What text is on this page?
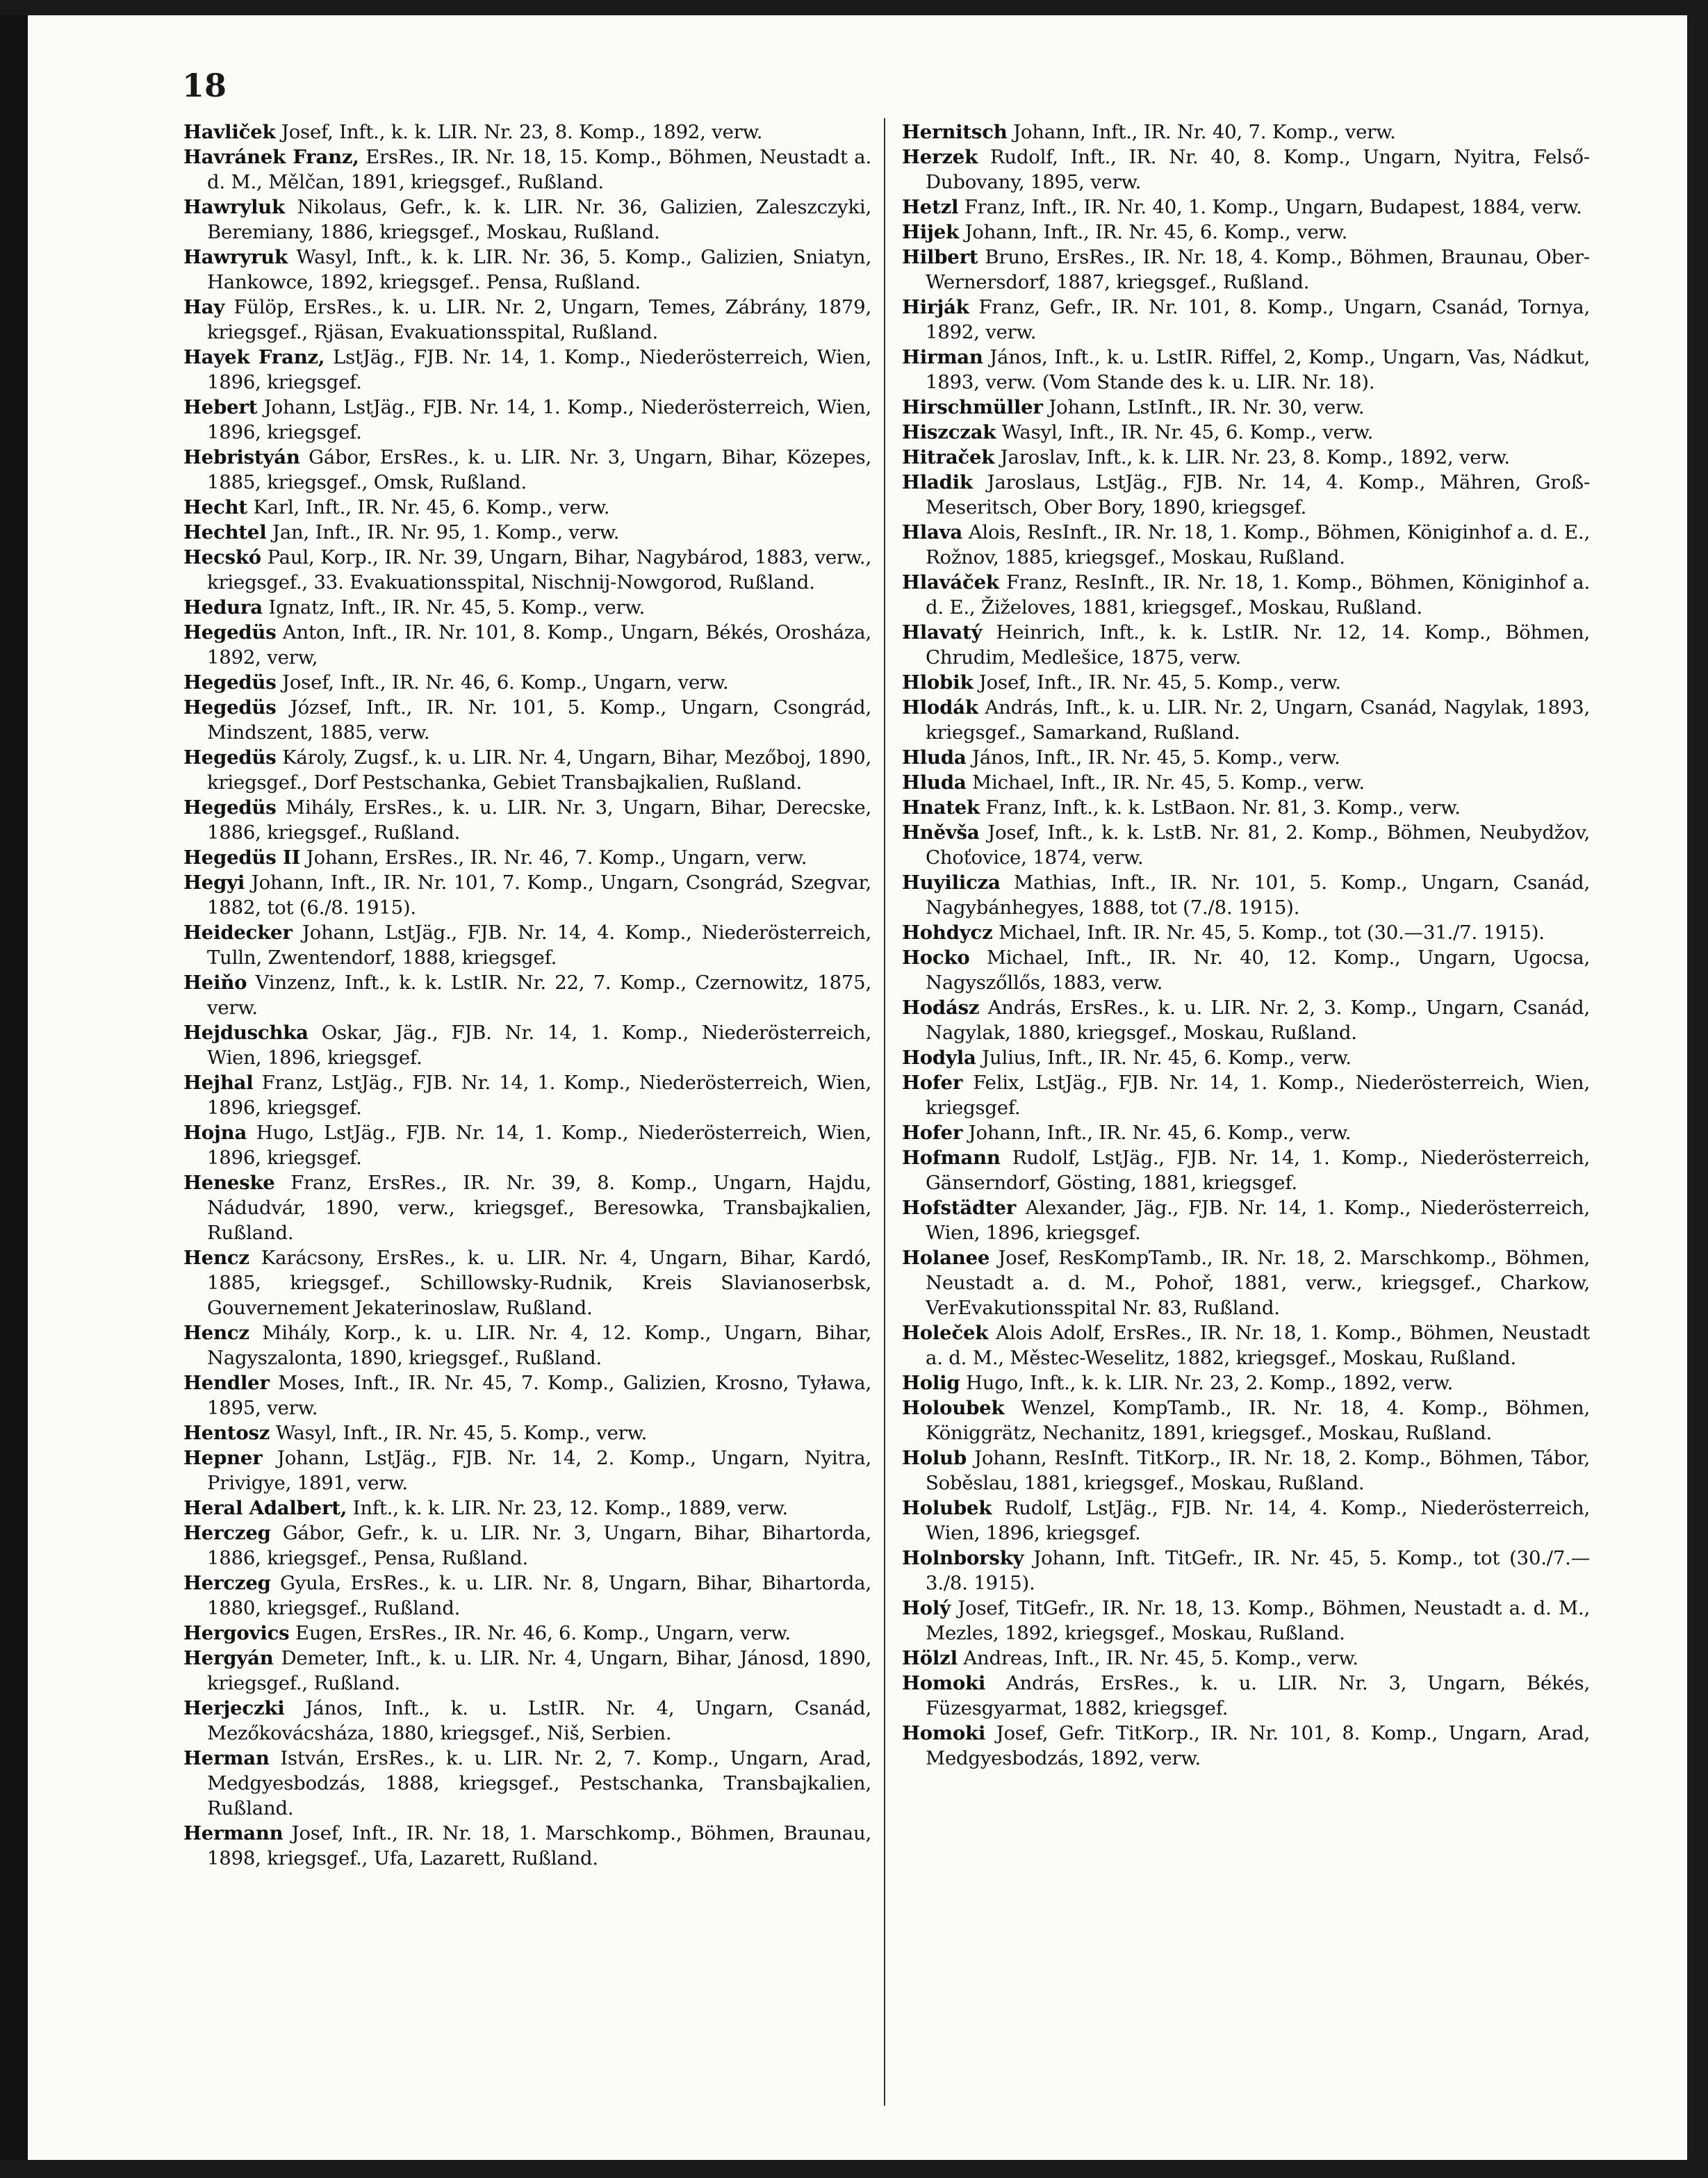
18

Havliček Josef, Inft., k. k. LIR. Nr. 23, 8. Komp., 1892, verw.

Havránek Franz, ErsRes., IR. Nr. 18, 15. Komp., Böhmen, Neustadt a. d. M., Mělčan, 1891, kriegsgef., Rußland.

Hawryluk Nikolaus, Gefr., k. k. LIR. Nr. 36, Galizien, Zaleszczyki, Beremiany, 1886, kriegsgef., Moskau, Rußland.

Hawryruk Wasyl, Inft., k. k. LIR. Nr. 36, 5. Komp., Galizien, Sniatyn, Hankowce, 1892, kriegsgef.. Pensa, Rußland.

Hay Fülöp, ErsRes., k. u. LIR. Nr. 2, Ungarn, Temes, Zábrány, 1879, kriegsgef., Rjäsan, Evakuationsspital, Rußland.

Hayek Franz, LstJäg., FJB. Nr. 14, 1. Komp., Niederösterreich, Wien, 1896, kriegsgef.

Hebert Johann, LstJäg., FJB. Nr. 14, 1. Komp., Niederösterreich, Wien, 1896, kriegsgef.

Hebristyán Gábor, ErsRes., k. u. LIR. Nr. 3, Ungarn, Bihar, Közepes, 1885, kriegsgef., Omsk, Rußland.

Hecht Karl, Inft., IR. Nr. 45, 6. Komp., verw.

Hechtel Jan, Inft., IR. Nr. 95, 1. Komp., verw.

Hecskó Paul, Korp., IR. Nr. 39, Ungarn, Bihar, Nagybárod, 1883, verw., kriegsgef., 33. Evakuationsspital, Nischnij-Nowgorod, Rußland.

Hedura Ignatz, Inft., IR. Nr. 45, 5. Komp., verw.

Hegedüs Anton, Inft., IR. Nr. 101, 8. Komp., Ungarn, Békés, Orosháza, 1892, verw,

Hegedüs Josef, Inft., IR. Nr. 46, 6. Komp., Ungarn, verw.

Hegedüs József, Inft., IR. Nr. 101, 5. Komp., Ungarn, Csongrád, Mindszent, 1885, verw.

Hegedüs Károly, Zugsf., k. u. LIR. Nr. 4, Ungarn, Bihar, Mezőboj, 1890, kriegsgef., Dorf Pestschanka, Gebiet Transbajkalien, Rußland.

Hegedüs Mihály, ErsRes., k. u. LIR. Nr. 3, Ungarn, Bihar, Derecske, 1886, kriegsgef., Rußland.

Hegedüs II Johann, ErsRes., IR. Nr. 46, 7. Komp., Ungarn, verw.

Hegyi Johann, Inft., IR. Nr. 101, 7. Komp., Ungarn, Csongrád, Szegvar, 1882, tot (6./8. 1915).

Heidecker Johann, LstJäg., FJB. Nr. 14, 4. Komp., Niederösterreich, Tulln, Zwentendorf, 1888, kriegsgef.

Heiňo Vinzenz, Inft., k. k. LstIR. Nr. 22, 7. Komp., Czernowitz, 1875, verw.

Hejduschka Oskar, Jäg., FJB. Nr. 14, 1. Komp., Niederösterreich, Wien, 1896, kriegsgef.

Hejhal Franz, LstJäg., FJB. Nr. 14, 1. Komp., Niederösterreich, Wien, 1896, kriegsgef.

Hojna Hugo, LstJäg., FJB. Nr. 14, 1. Komp., Niederösterreich, Wien, 1896, kriegsgef.

Heneske Franz, ErsRes., IR. Nr. 39, 8. Komp., Ungarn, Hajdu, Nádudvár, 1890, verw., kriegsgef., Beresowka, Transbajkalien, Rußland.

Hencz Karácsony, ErsRes., k. u. LIR. Nr. 4, Ungarn, Bihar, Kardó, 1885, kriegsgef., Schillowsky-Rudnik, Kreis Slavianoserbsk, Gouvernement Jekaterinoslaw, Rußland.

Hencz Mihály, Korp., k. u. LIR. Nr. 4, 12. Komp., Ungarn, Bihar, Nagyszalonta, 1890, kriegsgef., Rußland.

Hendler Moses, Inft., IR. Nr. 45, 7. Komp., Galizien, Krosno, Tyława, 1895, verw.

Hentosz Wasyl, Inft., IR. Nr. 45, 5. Komp., verw.

Hepner Johann, LstJäg., FJB. Nr. 14, 2. Komp., Ungarn, Nyitra, Privigye, 1891, verw.

Heral Adalbert, Inft., k. k. LIR. Nr. 23, 12. Komp., 1889, verw.

Herczeg Gábor, Gefr., k. u. LIR. Nr. 3, Ungarn, Bihar, Bihartorda, 1886, kriegsgef., Pensa, Rußland.

Herczeg Gyula, ErsRes., k. u. LIR. Nr. 8, Ungarn, Bihar, Bihartorda, 1880, kriegsgef., Rußland.

Hergovics Eugen, ErsRes., IR. Nr. 46, 6. Komp., Ungarn, verw.

Hergyán Demeter, Inft., k. u. LIR. Nr. 4, Ungarn, Bihar, Jánosd, 1890, kriegsgef., Rußland.

Herjeczki János, Inft., k. u. LstIR. Nr. 4, Ungarn, Csanád, Mezőkovácsháza, 1880, kriegsgef., Niš, Serbien.

Herman István, ErsRes., k. u. LIR. Nr. 2, 7. Komp., Ungarn, Arad, Medgyesbodzás, 1888, kriegsgef., Pestschanka, Transbajkalien, Rußland.

Hermann Josef, Inft., IR. Nr. 18, 1. Marschkomp., Böhmen, Braunau, 1898, kriegsgef., Ufa, Lazarett, Rußland.

Hernitsch Johann, Inft., IR. Nr. 40, 7. Komp., verw.

Herzek Rudolf, Inft., IR. Nr. 40, 8. Komp., Ungarn, Nyitra, Felső-Dubovany, 1895, verw.

Hetzl Franz, Inft., IR. Nr. 40, 1. Komp., Ungarn, Budapest, 1884, verw.

Hijek Johann, Inft., IR. Nr. 45, 6. Komp., verw.

Hilbert Bruno, ErsRes., IR. Nr. 18, 4. Komp., Böhmen, Braunau, Ober-Wernersdorf, 1887, kriegsgef., Rußland.

Hirják Franz, Gefr., IR. Nr. 101, 8. Komp., Ungarn, Csanád, Tornya, 1892, verw.

Hirman János, Inft., k. u. LstIR. Riffel, 2, Komp., Ungarn, Vas, Nádkut, 1893, verw. (Vom Stande des k. u. LIR. Nr. 18).

Hirschmüller Johann, LstInft., IR. Nr. 30, verw.

Hiszczak Wasyl, Inft., IR. Nr. 45, 6. Komp., verw.

Hitraček Jaroslav, Inft., k. k. LIR. Nr. 23, 8. Komp., 1892, verw.

Hladik Jaroslaus, LstJäg., FJB. Nr. 14, 4. Komp., Mähren, Groß-Meseritsch, Ober Bory, 1890, kriegsgef.

Hlava Alois, ResInft., IR. Nr. 18, 1. Komp., Böhmen, Königinhof a. d. E., Rožnov, 1885, kriegsgef., Moskau, Rußland.

Hlaváček Franz, ResInft., IR. Nr. 18, 1. Komp., Böhmen, Königinhof a. d. E., Žiželoves, 1881, kriegsgef., Moskau, Rußland.

Hlavatý Heinrich, Inft., k. k. LstIR. Nr. 12, 14. Komp., Böhmen, Chrudim, Medlešice, 1875, verw.

Hlobik Josef, Inft., IR. Nr. 45, 5. Komp., verw.

Hlodák András, Inft., k. u. LIR. Nr. 2, Ungarn, Csanád, Nagylak, 1893, kriegsgef., Samarkand, Rußland.

Hluda János, Inft., IR. Nr. 45, 5. Komp., verw.

Hluda Michael, Inft., IR. Nr. 45, 5. Komp., verw.

Hnatek Franz, Inft., k. k. LstBaon. Nr. 81, 3. Komp., verw.

Hněvša Josef, Inft., k. k. LstB. Nr. 81, 2. Komp., Böhmen, Neubydžov, Choťovice, 1874, verw.

Huyiliсza Mathias, Inft., IR. Nr. 101, 5. Komp., Ungarn, Csanád, Nagybánhegyes, 1888, tot (7./8. 1915).

Hohdycz Michael, Inft. IR. Nr. 45, 5. Komp., tot (30.—31./7. 1915).

Hocko Michael, Inft., IR. Nr. 40, 12. Komp., Ungarn, Ugocsa, Nagyszőllős, 1883, verw.

Hodász András, ErsRes., k. u. LIR. Nr. 2, 3. Komp., Ungarn, Csanád, Nagylak, 1880, kriegsgef., Moskau, Rußland.

Hodyla Julius, Inft., IR. Nr. 45, 6. Komp., verw.

Hofer Felix, LstJäg., FJB. Nr. 14, 1. Komp., Niederösterreich, Wien, kriegsgef.

Hofer Johann, Inft., IR. Nr. 45, 6. Komp., verw.

Hofmann Rudolf, LstJäg., FJB. Nr. 14, 1. Komp., Niederösterreich, Gänserndorf, Gösting, 1881, kriegsgef.

Hofstädter Alexander, Jäg., FJB. Nr. 14, 1. Komp., Niederösterreich, Wien, 1896, kriegsgef.

Holanee Josef, ResKompTamb., IR. Nr. 18, 2. Marschkomp., Böhmen, Neustadt a. d. M., Pohoř, 1881, verw., kriegsgef., Charkow, VerEvakutionsspital Nr. 83, Rußland.

Holeček Alois Adolf, ErsRes., IR. Nr. 18, 1. Komp., Böhmen, Neustadt a. d. M., Městec-Weselitz, 1882, kriegsgef., Moskau, Rußland.

Holig Hugo, Inft., k. k. LIR. Nr. 23, 2. Komp., 1892, verw.

Holoubek Wenzel, KompTamb., IR. Nr. 18, 4. Komp., Böhmen, Königgrätz, Nechanitz, 1891, kriegsgef., Moskau, Rußland.

Holub Johann, ResInft. TitKorp., IR. Nr. 18, 2. Komp., Böhmen, Tábor, Soběslau, 1881, kriegsgef., Moskau, Rußland.

Holubek Rudolf, LstJäg., FJB. Nr. 14, 4. Komp., Niederösterreich, Wien, 1896, kriegsgef.

Holnborsky Johann, Inft. TitGefr., IR. Nr. 45, 5. Komp., tot (30./7.—3./8. 1915).

Holý Josef, TitGefr., IR. Nr. 18, 13. Komp., Böhmen, Neustadt a. d. M., Mezles, 1892, kriegsgef., Moskau, Rußland.

Hölzl Andreas, Inft., IR. Nr. 45, 5. Komp., verw.

Homoki András, ErsRes., k. u. LIR. Nr. 3, Ungarn, Békés, Füzesgyarmat, 1882, kriegsgef.

Homoki Josef, Gefr. TitKorp., IR. Nr. 101, 8. Komp., Ungarn, Arad, Medgyesbodzás, 1892, verw.
